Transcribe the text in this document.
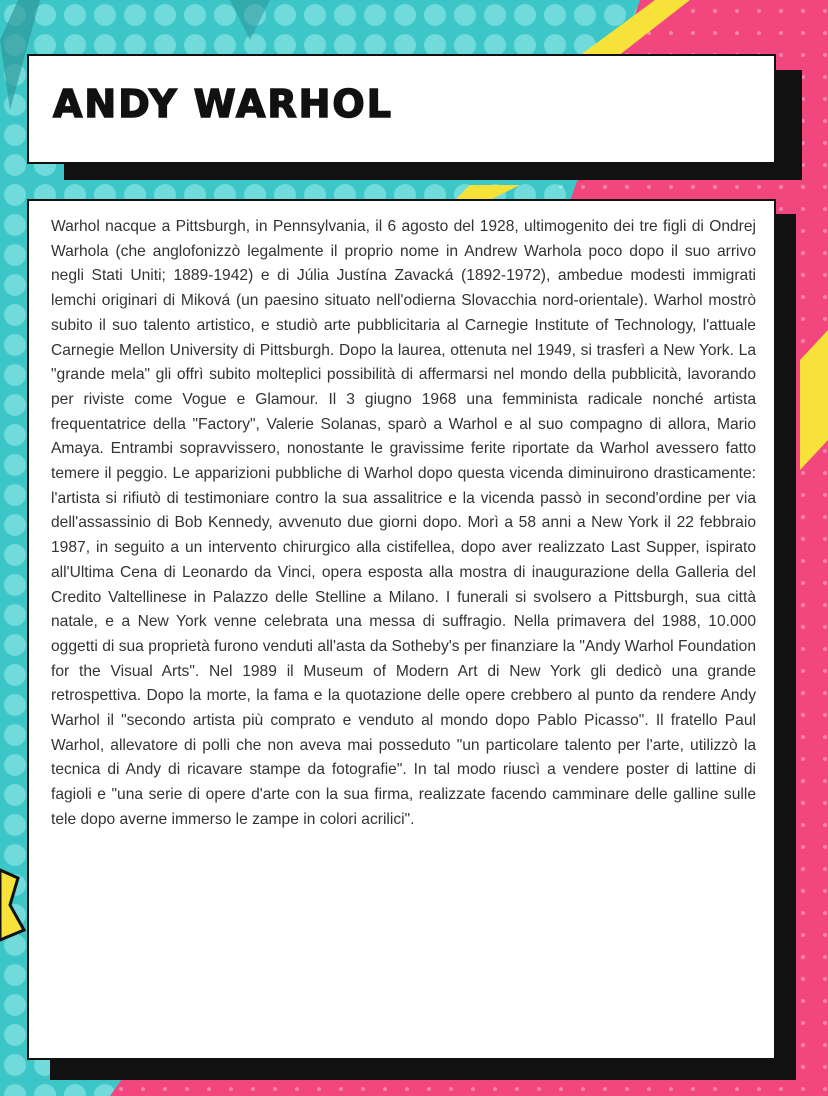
ANDY WARHOL

Warhol nacque a Pittsburgh, in Pennsylvania, il 6 agosto del 1928, ultimogenito dei tre figli di Ondrej Warhola (che anglofonizzò legalmente il proprio nome in Andrew Warhola poco dopo il suo arrivo negli Stati Uniti; 1889-1942) e di Júlia Justína Zavacká (1892-1972), ambedue modesti immigrati lemchi originari di Miková (un paesino situato nell'odierna Slovacchia nord-orientale). Warhol mostrò subito il suo talento artistico, e studiò arte pubblicitaria al Carnegie Institute of Technology, l'attuale Carnegie Mellon University di Pittsburgh. Dopo la laurea, ottenuta nel 1949, si trasferì a New York. La "grande mela" gli offrì subito molteplici possibilità di affermarsi nel mondo della pubblicità, lavorando per riviste come Vogue e Glamour. Il 3 giugno 1968 una femminista radicale nonché artista frequentatrice della "Factory", Valerie Solanas, sparò a Warhol e al suo compagno di allora, Mario Amaya. Entrambi sopravvissero, nonostante le gravissime ferite riportate da Warhol avessero fatto temere il peggio. Le apparizioni pubbliche di Warhol dopo questa vicenda diminuirono drasticamente: l'artista si rifiutò di testimoniare contro la sua assalitrice e la vicenda passò in second'ordine per via dell'assassinio di Bob Kennedy, avvenuto due giorni dopo. Morì a 58 anni a New York il 22 febbraio 1987, in seguito a un intervento chirurgico alla cistifellea, dopo aver realizzato Last Supper, ispirato all'Ultima Cena di Leonardo da Vinci, opera esposta alla mostra di inaugurazione della Galleria del Credito Valtellinese in Palazzo delle Stelline a Milano. I funerali si svolsero a Pittsburgh, sua città natale, e a New York venne celebrata una messa di suffragio. Nella primavera del 1988, 10.000 oggetti di sua proprietà furono venduti all'asta da Sotheby's per finanziare la "Andy Warhol Foundation for the Visual Arts". Nel 1989 il Museum of Modern Art di New York gli dedicò una grande retrospettiva. Dopo la morte, la fama e la quotazione delle opere crebbero al punto da rendere Andy Warhol il "secondo artista più comprato e venduto al mondo dopo Pablo Picasso". Il fratello Paul Warhol, allevatore di polli che non aveva mai posseduto "un particolare talento per l'arte, utilizzò la tecnica di Andy di ricavare stampe da fotografie". In tal modo riuscì a vendere poster di lattine di fagioli e "una serie di opere d'arte con la sua firma, realizzate facendo camminare delle galline sulle tele dopo averne immerso le zampe in colori acrilici".
